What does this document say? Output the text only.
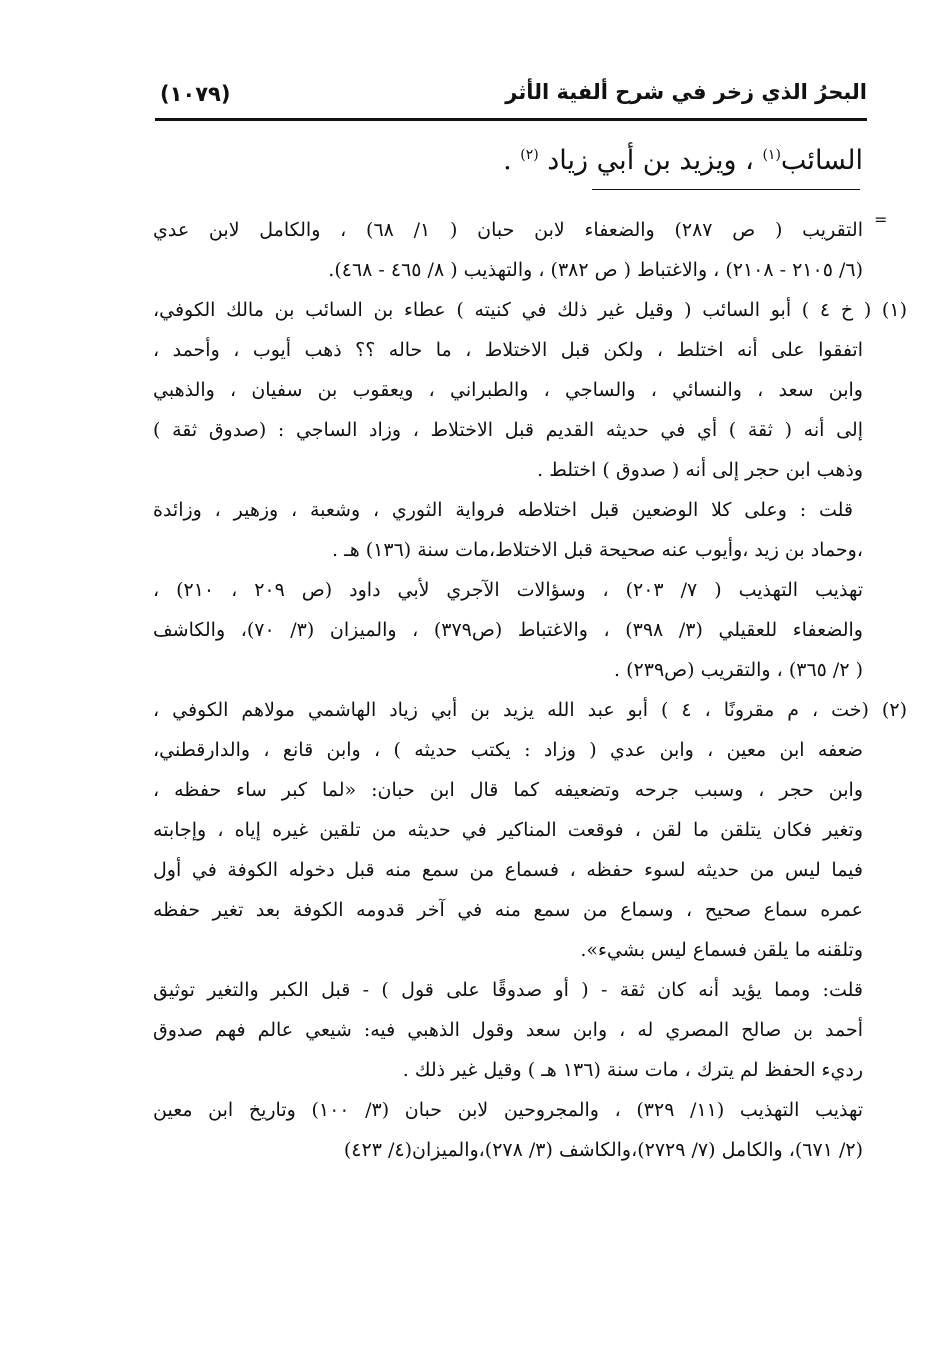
البحرُ الذي زخر في شرح ألفية الأثر
(١٠٧٩)
السائب$^{(١)}$ ، ويزيد بن أبي زياد $^{(٢)}$ .
=
التقريب ( ص ٢٨٧) والضعفاء لابن حبان ( ١/ ٦٨) ، والكامل لابن عدي
(٦/ ٢١٠٥ - ٢١٠٨) ، والاغتباط ( ص ٣٨٢) ، والتهذيب ( ٨/ ٤٦٥ - ٤٦٨).
(١) ( خ ٤ ) أبو السائب ( وقيل غير ذلك في كنيته ) عطاء بن السائب بن مالك الكوفي،
اتفقوا على أنه اختلط ، ولكن قبل الاختلاط ، ما حاله ؟؟ ذهب أيوب ، وأحمد ،
وابن سعد ، والنسائي ، والساجي ، والطبراني ، ويعقوب بن سفيان ، والذهبي
إلى أنه ( ثقة ) أي في حديثه القديم قبل الاختلاط ، وزاد الساجي : (صدوق ثقة )
وذهب ابن حجر إلى أنه ( صدوق ) اختلط .
قلت : وعلى كلا الوضعين قبل اختلاطه فرواية الثوري ، وشعبة ، وزهير ، وزائدة
،وحماد بن زيد ،وأيوب عنه صحيحة قبل الاختلاط،مات سنة (١٣٦) هـ .
تهذيب التهذيب ( ٧/ ٢٠٣) ، وسؤالات الآجري لأبي داود (ص ٢٠٩ ، ٢١٠) ،
والضعفاء للعقيلي (٣/ ٣٩٨) ، والاغتباط (ص٣٧٩) ، والميزان (٣/ ٧٠)، والكاشف
( ٢/ ٣٦٥) ، والتقريب (ص٢٣٩) .
(٢) (خت ، م مقرونًا ، ٤ ) أبو عبد الله يزيد بن أبي زياد الهاشمي مولاهم الكوفي ،
ضعفه ابن معين ، وابن عدي ( وزاد : يكتب حديثه ) ، وابن قانع ، والدارقطني،
وابن حجر ، وسبب جرحه وتضعيفه كما قال ابن حبان: «لما كبر ساء حفظه ،
وتغير فكان يتلقن ما لقن ، فوقعت المناكير في حديثه من تلقين غيره إياه ، وإجابته
فيما ليس من حديثه لسوء حفظه ، فسماع من سمع منه قبل دخوله الكوفة في أول
عمره سماع صحيح ، وسماع من سمع منه في آخر قدومه الكوفة بعد تغير حفظه
وتلقنه ما يلقن فسماع ليس بشيء».
قلت: ومما يؤيد أنه كان ثقة - ( أو صدوقًا على قول ) - قبل الكبر والتغير توثيق
أحمد بن صالح المصري له ، وابن سعد وقول الذهبي فيه: شيعي عالم فهم صدوق
رديء الحفظ لم يترك ، مات سنة (١٣٦ هـ ) وقيل غير ذلك .
تهذيب التهذيب (١١/ ٣٢٩) ، والمجروحين لابن حبان (٣/ ١٠٠) وتاريخ ابن معين
(٢/ ٦٧١)، والكامل (٧/ ٢٧٢٩)،والكاشف (٣/ ٢٧٨)،والميزان(٤/ ٤٢٣)
